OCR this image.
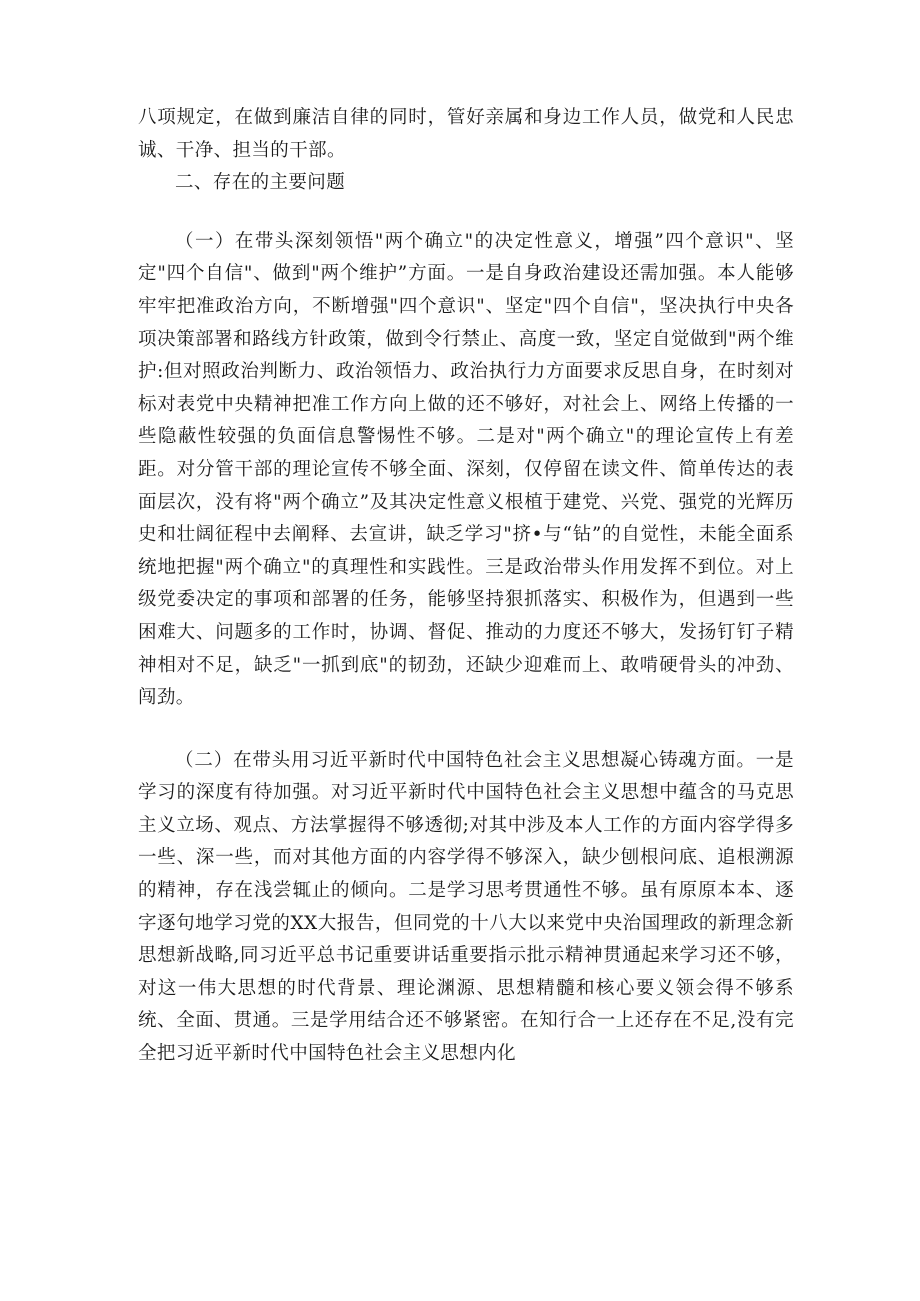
八项规定，在做到廉洁自律的同时，管好亲属和身边工作人员，做党和人民忠诚、干净、担当的干部。

二、存在的主要问题

（一）在带头深刻领悟"两个确立"的决定性意义，增强”四个意识"、坚定"四个自信"、做到"两个维护”方面。一是自身政治建设还需加强。本人能够牢牢把准政治方向，不断增强"四个意识"、坚定"四个自信"，坚决执行中央各项决策部署和路线方针政策，做到令行禁止、高度一致，坚定自觉做到"两个维护:但对照政治判断力、政治领悟力、政治执行力方面要求反思自身，在时刻对标对表党中央精神把准工作方向上做的还不够好，对社会上、网络上传播的一些隐蔽性较强的负面信息警惕性不够。二是对"两个确立"的理论宣传上有差距。对分管干部的理论宣传不够全面、深刻，仅停留在读文件、简单传达的表面层次，没有将"两个确立”及其决定性意义根植于建党、兴党、强党的光辉历史和壮阔征程中去阐释、去宣讲，缺乏学习"挤•与“钻”的自觉性，未能全面系统地把握"两个确立"的真理性和实践性。三是政治带头作用发挥不到位。对上级党委决定的事项和部署的任务，能够坚持狠抓落实、积极作为，但遇到一些困难大、问题多的工作时，协调、督促、推动的力度还不够大，发扬钉钉子精神相对不足，缺乏"一抓到底"的韧劲，还缺少迎难而上、敢啃硬骨头的冲劲、闯劲。

（二）在带头用习近平新时代中国特色社会主义思想凝心铸魂方面。一是学习的深度有待加强。对习近平新时代中国特色社会主义思想中蕴含的马克思主义立场、观点、方法掌握得不够透彻;对其中涉及本人工作的方面内容学得多一些、深一些，而对其他方面的内容学得不够深入，缺少刨根问底、追根溯源的精神，存在浅尝辄止的倾向。二是学习思考贯通性不够。虽有原原本本、逐字逐句地学习党的XX大报告，但同党的十八大以来党中央治国理政的新理念新思想新战略,同习近平总书记重要讲话重要指示批示精神贯通起来学习还不够，对这一伟大思想的时代背景、理论渊源、思想精髓和核心要义领会得不够系统、全面、贯通。三是学用结合还不够紧密。在知行合一上还存在不足,没有完全把习近平新时代中国特色社会主义思想内化
